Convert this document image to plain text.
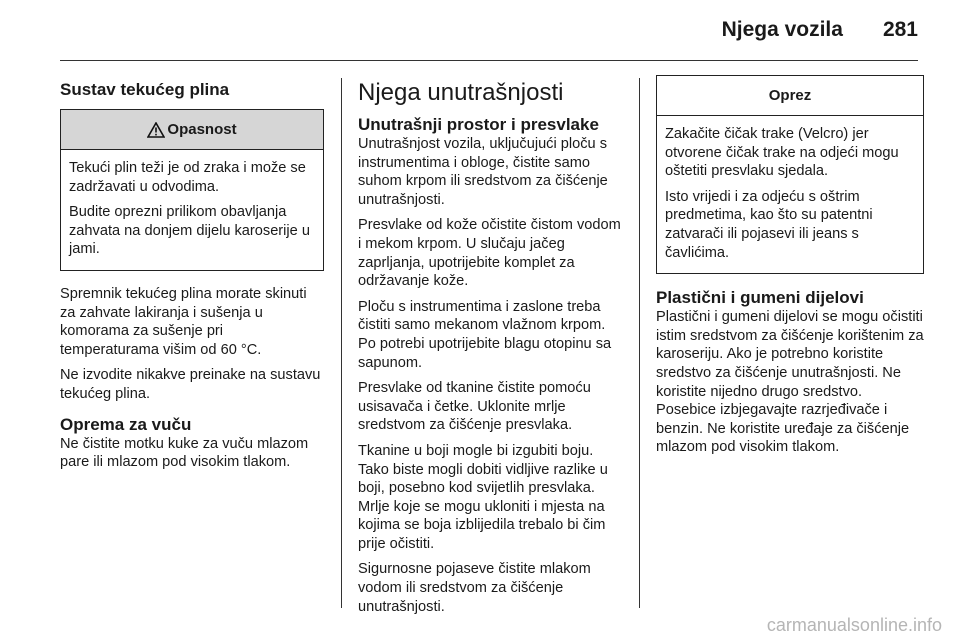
Njega vozila 281
Sustav tekućeg plina
Opasnost

Tekući plin teži je od zraka i može se zadržavati u odvodima.

Budite oprezni prilikom obavljanja zahvata na donjem dijelu karoserije u jami.

Spremnik tekućeg plina morate skinuti za zahvate lakiranja i sušenja u komorama za sušenje pri temperaturama višim od 60 °C.

Ne izvodite nikakve preinake na sustavu tekućeg plina.

Oprema za vuču

Ne čistite motku kuke za vuču mlazom pare ili mlazom pod visokim tlakom.

Njega unutrašnjosti
Unutrašnji prostor i presvlake

Unutrašnjost vozila, uključujući ploču s instrumentima i obloge, čistite samo suhom krpom ili sredstvom za čišćenje unutrašnjosti.

Presvlake od kože očistite čistom vodom i mekom krpom. U slučaju jačeg zaprljanja, upotrijebite komplet za održavanje kože.

Ploču s instrumentima i zaslone treba čistiti samo mekanom vlažnom krpom. Po potrebi upotrijebite blagu otopinu sa sapunom.

Presvlake od tkanine čistite pomoću usisavača i četke. Uklonite mrlje sredstvom za čišćenje presvlaka.

Tkanine u boji mogle bi izgubiti boju. Tako biste mogli dobiti vidljive razlike u boji, posebno kod svijetlih presvlaka. Mrlje koje se mogu ukloniti i mjesta na kojima se boja izblijedila trebalo bi čim prije očistiti.

Sigurnosne pojaseve čistite mlakom vodom ili sredstvom za čišćenje unutrašnjosti.

Oprez

Zakačite čičak trake (Velcro) jer otvorene čičak trake na odjeći mogu oštetiti presvlaku sjedala.

Isto vrijedi i za odjeću s oštrim predmetima, kao što su patentni zatvarači ili pojasevi ili jeans s čavlićima.

Plastični i gumeni dijelovi

Plastični i gumeni dijelovi se mogu očistiti istim sredstvom za čišćenje korištenim za karoseriju. Ako je potrebno koristite sredstvo za čišćenje unutrašnjosti. Ne koristite nijedno drugo sredstvo. Posebice izbjegavajte razrjeđivače i benzin. Ne koristite uređaje za čišćenje mlazom pod visokim tlakom.

carmanualsonline.info
